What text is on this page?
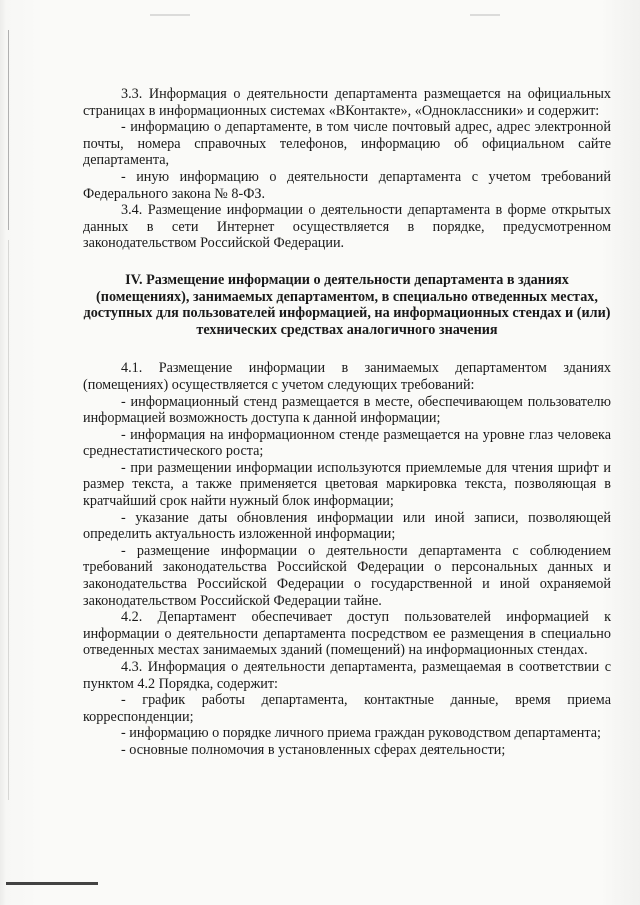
3.3. Информация о деятельности департамента размещается на официальных страницах в информационных системах «ВКонтакте», «Одноклассники» и содержит:

- информацию о департаменте, в том числе почтовый адрес, адрес электронной почты, номера справочных телефонов, информацию об официальном сайте департамента,

- иную информацию о деятельности департамента с учетом требований Федерального закона № 8-ФЗ.

3.4. Размещение информации о деятельности департамента в форме открытых данных в сети Интернет осуществляется в порядке, предусмотренном законодательством Российской Федерации.

IV. Размещение информации о деятельности департамента в зданиях (помещениях), занимаемых департаментом, в специально отведенных местах, доступных для пользователей информацией, на информационных стендах и (или) технических средствах аналогичного значения

4.1. Размещение информации в занимаемых департаментом зданиях (помещениях) осуществляется с учетом следующих требований:

- информационный стенд размещается в месте, обеспечивающем пользователю информацией возможность доступа к данной информации;

- информация на информационном стенде размещается на уровне глаз человека среднестатистического роста;

- при размещении информации используются приемлемые для чтения шрифт и размер текста, а также применяется цветовая маркировка текста, позволяющая в кратчайший срок найти нужный блок информации;

- указание даты обновления информации или иной записи, позволяющей определить актуальность изложенной информации;

- размещение информации о деятельности департамента с соблюдением требований законодательства Российской Федерации о персональных данных и законодательства Российской Федерации о государственной и иной охраняемой законодательством Российской Федерации тайне.

4.2. Департамент обеспечивает доступ пользователей информацией к информации о деятельности департамента посредством ее размещения в специально отведенных местах занимаемых зданий (помещений) на информационных стендах.

4.3. Информация о деятельности департамента, размещаемая в соответствии с пунктом 4.2 Порядка, содержит:

- график работы департамента, контактные данные, время приема корреспонденции;

- информацию о порядке личного приема граждан руководством департамента;

- основные полномочия в установленных сферах деятельности;
